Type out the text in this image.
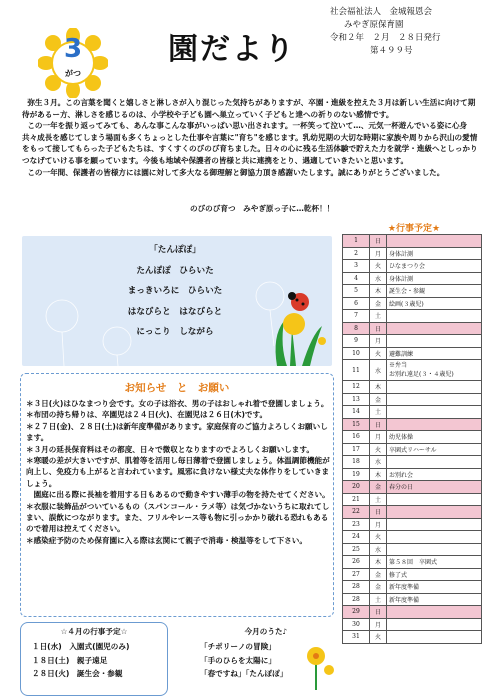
3
がつ
園だより
社会福祉法人　金城報恩会
みやぎ原保育園
令和２年　２月　２８日発行
第４９９号

弥生３月。この言葉を聞くと嬉しさと淋しさが入り混じった気持ちがありますが、卒園・進級を控えた３月は新しい生活に向けて期待があるー方、淋しさを感じるのは、小学校や子ども園へ巣立っていく子どもと達への祈りのない感情です。

この一年を振り返ってみても、あんな事こんな事がいっぱい思い出されます。一杯笑って泣いて…、元気一杯遊んでいる姿に心身共々成長を感じてしまう場面も多くちょっとした仕事や言葉に"育ち"を感じます。乳幼児期の大切な時期に家族や周りから沢山の愛情をもって接してもらった子どもたちは、すくすくのびのび育ちました。日々の心に残る生活体験で貯えた力を就学・進級へとしっかりつなげていける事を願っています。今後も地域や保護者の皆様と共に連携をとり、遇適していきたいと思います。

この一年間、保護者の皆様方には園に対して多大なる御理解と御協力頂き感謝いたします。誠にありがとうございました。

のびのび育つ　みやぎ原っ子に…乾杯！！
「たんぽぽ」
たんぽぽ　ひらいた
まっきいろに　ひらいた
はなびらと　はなびらと
にっこり　しながら
お知らせ　と　お願い
＊３日(火)はひなまつり会です。女の子は浴衣、男の子はおしゃれ着で登園しましょう。
＊布団の持ち帰りは、卒園児は２４日(火)、在園児は２６日(木)です。
＊２７日(金)、２８日(土)は新年度準備があります。家庭保育のご協力よろしくお願いします。
＊３月の延長保育料はその都度、日々で微収となりますのでよろしくお願いします。
＊寒暖の差が大きいですが、肌着等を活用し毎日薄着で登園しましょう。体温調節機能が向上し、免疫力も上がると言われています。風邪に負けない様丈夫な体作りをしていきましょう。
　園庭に出る際に長袖を着用する日もあるので動きやすい薄手の物を持たせてください。
＊衣服に装飾品がついているもの（スパンコール・ラメ等）は気づかないうちに取れてしまい、誤飲につながります。また、フリルやレース等も物に引っかかり破れる恐れもあるので着用は控えてください。
＊感染症予防のため保育園に入る際は玄関にて親子で消毒・検温等をして下さい。
☆４月の行事予定☆
１日(水)　入園式(園児のみ)
１８日(土)　親子遠足
２８日(火)　誕生会・参観
今月のうた♪
「チポリーノの冒険」
「手のひらを太陽に」
「春ですね」「たんぽぽ」
★行事予定★
1	日	
2	月	身体計測
3	火	ひなまつり会
4	水	身体計測
5	木	誕生会・参観
6	金	絵画(３歳児)
7	土	
8	日	
9	月	
10	火	避難訓練
11	水	※弁当
お別れ遠足(３・４歳児)
12	木	
13	金	
14	土	
15	日	
16	月	幼児体操
17	火	卒園式リハーサル
18	水	
19	木	お別れ会
20	金	春分の日
21	土	
22	日	
23	月	
24	火	
25	水	
26	木	第５８回　卒園式
27	金	修了式
28	金	新年度準備
28	土	新年度準備
29	日	
30	月	
31	火	
